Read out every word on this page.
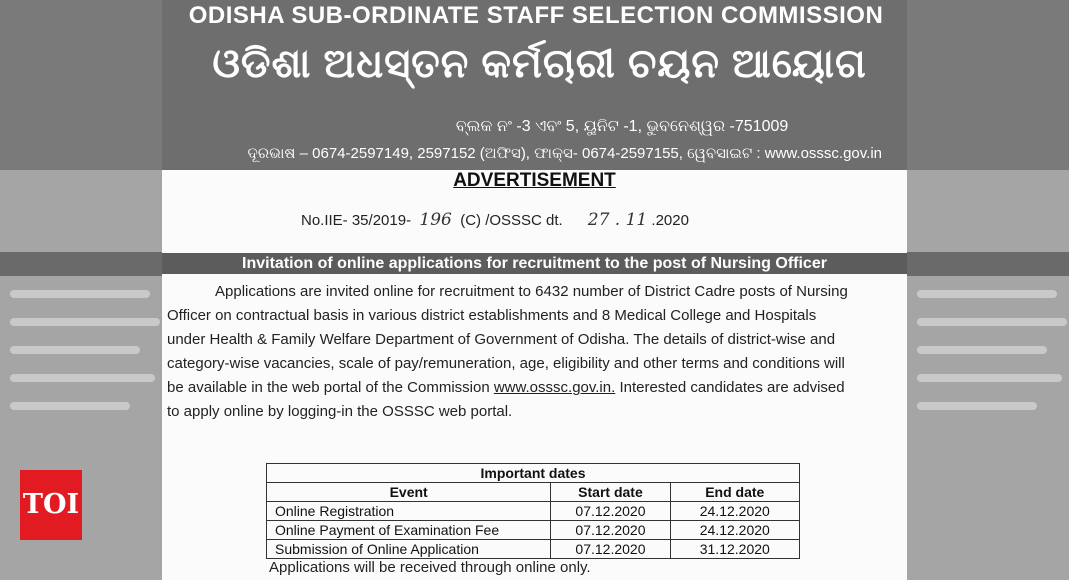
ODISHA SUB-ORDINATE STAFF SELECTION COMMISSION
ଓଡିଶା ଅଧସ୍ତନ କର୍ମଚାରୀ ଚୟନ ଆୟୋଗ
ବ୍ଲକ ନଂ -3 ଏବଂ 5, ୟୁନିଟ -1, ଭୁବନେଶ୍ୱର -751009
ଦୂରଭାଷ – 0674-2597149, 2597152 (ଅଫିସ), ଫାକ୍ସ- 0674-2597155, ୱେବସାଇଟ : www.osssc.gov.in
ADVERTISEMENT
No.IIE- 35/2019- 196 (C) /OSSSC dt. 27 . 11 .2020
Invitation of online applications for recruitment to the post of Nursing Officer
Applications are invited online for recruitment to 6432 number of District Cadre posts of Nursing
Officer on contractual basis in various district establishments and 8 Medical College and Hospitals
under Health & Family Welfare Department of Government of Odisha. The details of district-wise and
category-wise vacancies, scale of pay/remuneration, age, eligibility and other terms and conditions will
be available in the web portal of the Commission www.osssc.gov.in. Interested candidates are advised
to apply online by logging-in the OSSSC web portal.
Important dates		
Event	Start date	End date
Online Registration	07.12.2020	24.12.2020
Online Payment of Examination Fee	07.12.2020	24.12.2020
Submission of Online Application	07.12.2020	31.12.2020
Applications will be received through online only.
TOI
